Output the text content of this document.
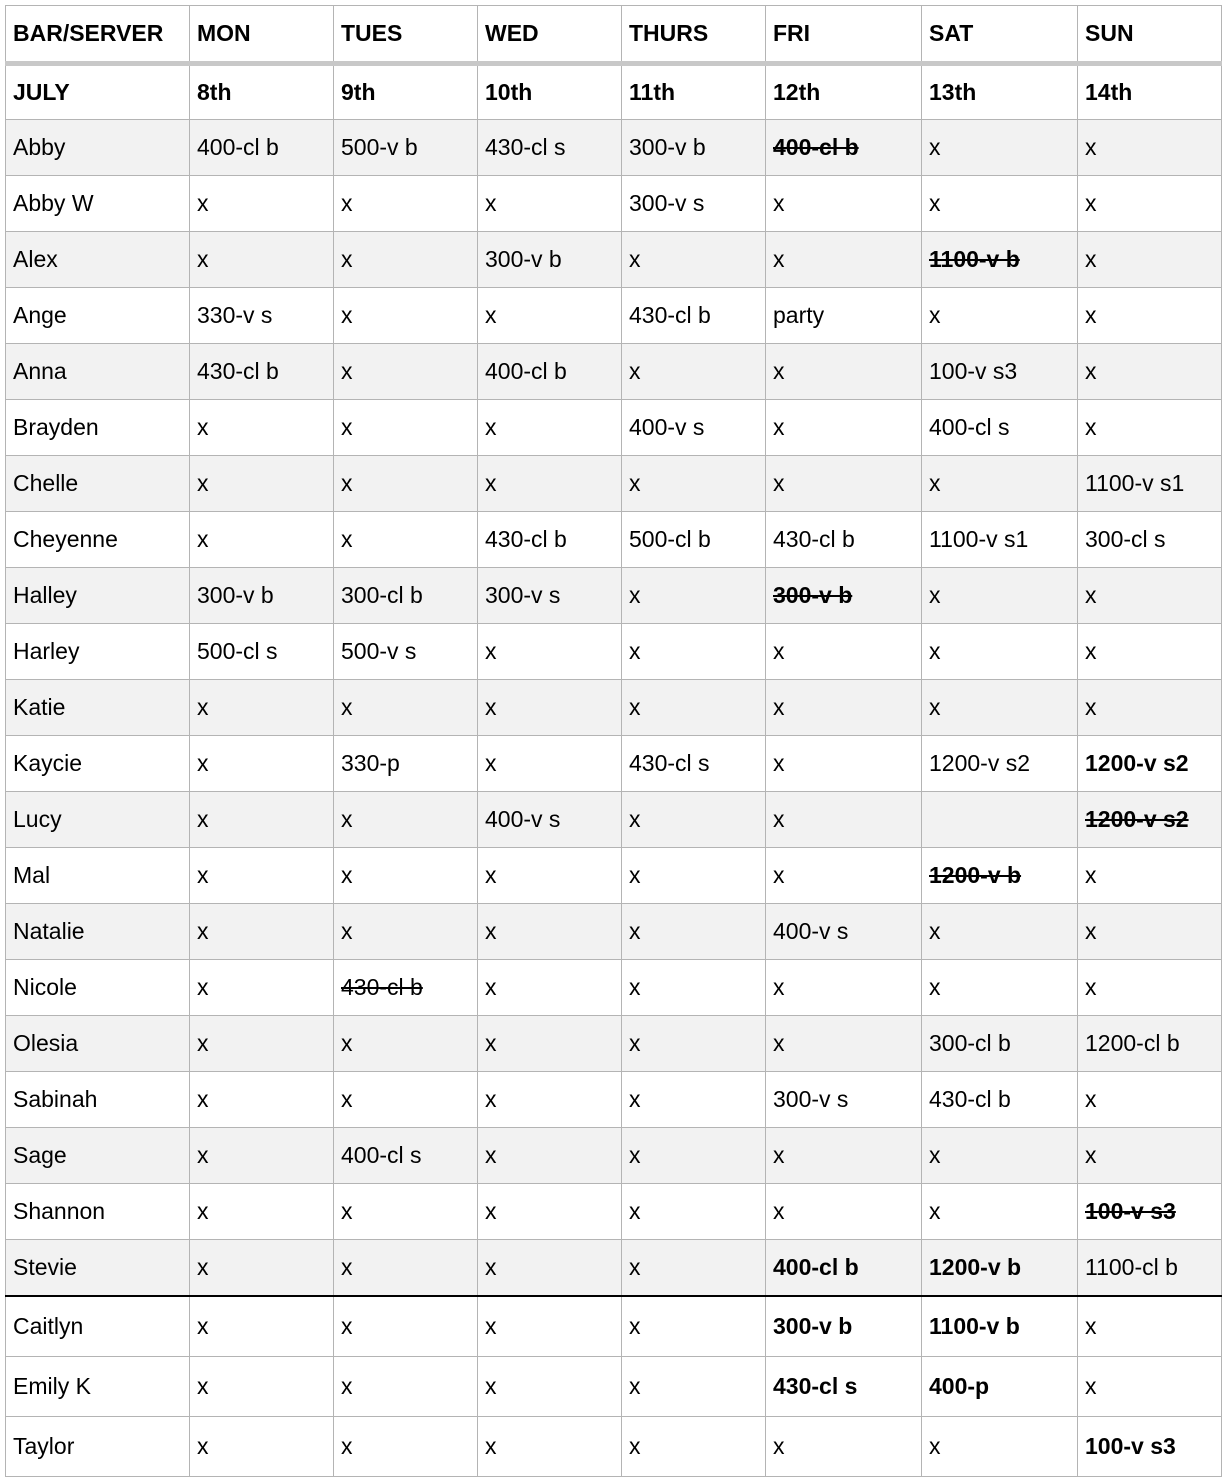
BAR/SERVER	MON	TUES	WED	THURS	FRI	SAT	SUN
JULY	8th	9th	10th	11th	12th	13th	14th
Abby	400-cl b	500-v b	430-cl s	300-v b	400-cl b	x	x
Abby W	x	x	x	300-v s	x	x	x
Alex	x	x	300-v b	x	x	1100-v b	x
Ange	330-v s	x	x	430-cl b	party	x	x
Anna	430-cl b	x	400-cl b	x	x	100-v s3	x
Brayden	x	x	x	400-v s	x	400-cl s	x
Chelle	x	x	x	x	x	x	1100-v s1
Cheyenne	x	x	430-cl b	500-cl b	430-cl b	1100-v s1	300-cl s
Halley	300-v b	300-cl b	300-v s	x	300-v b	x	x
Harley	500-cl s	500-v s	x	x	x	x	x
Katie	x	x	x	x	x	x	x
Kaycie	x	330-p	x	430-cl s	x	1200-v s2	1200-v s2
Lucy	x	x	400-v s	x	x		1200-v s2
Mal	x	x	x	x	x	1200-v b	x
Natalie	x	x	x	x	400-v s	x	x
Nicole	x	430-cl b	x	x	x	x	x
Olesia	x	x	x	x	x	300-cl b	1200-cl b
Sabinah	x	x	x	x	300-v s	430-cl b	x
Sage	x	400-cl s	x	x	x	x	x
Shannon	x	x	x	x	x	x	100-v s3
Stevie	x	x	x	x	400-cl b	1200-v b	1100-cl b
Caitlyn	x	x	x	x	300-v b	1100-v b	x
Emily K	x	x	x	x	430-cl s	400-p	x
Taylor	x	x	x	x	x	x	100-v s3
